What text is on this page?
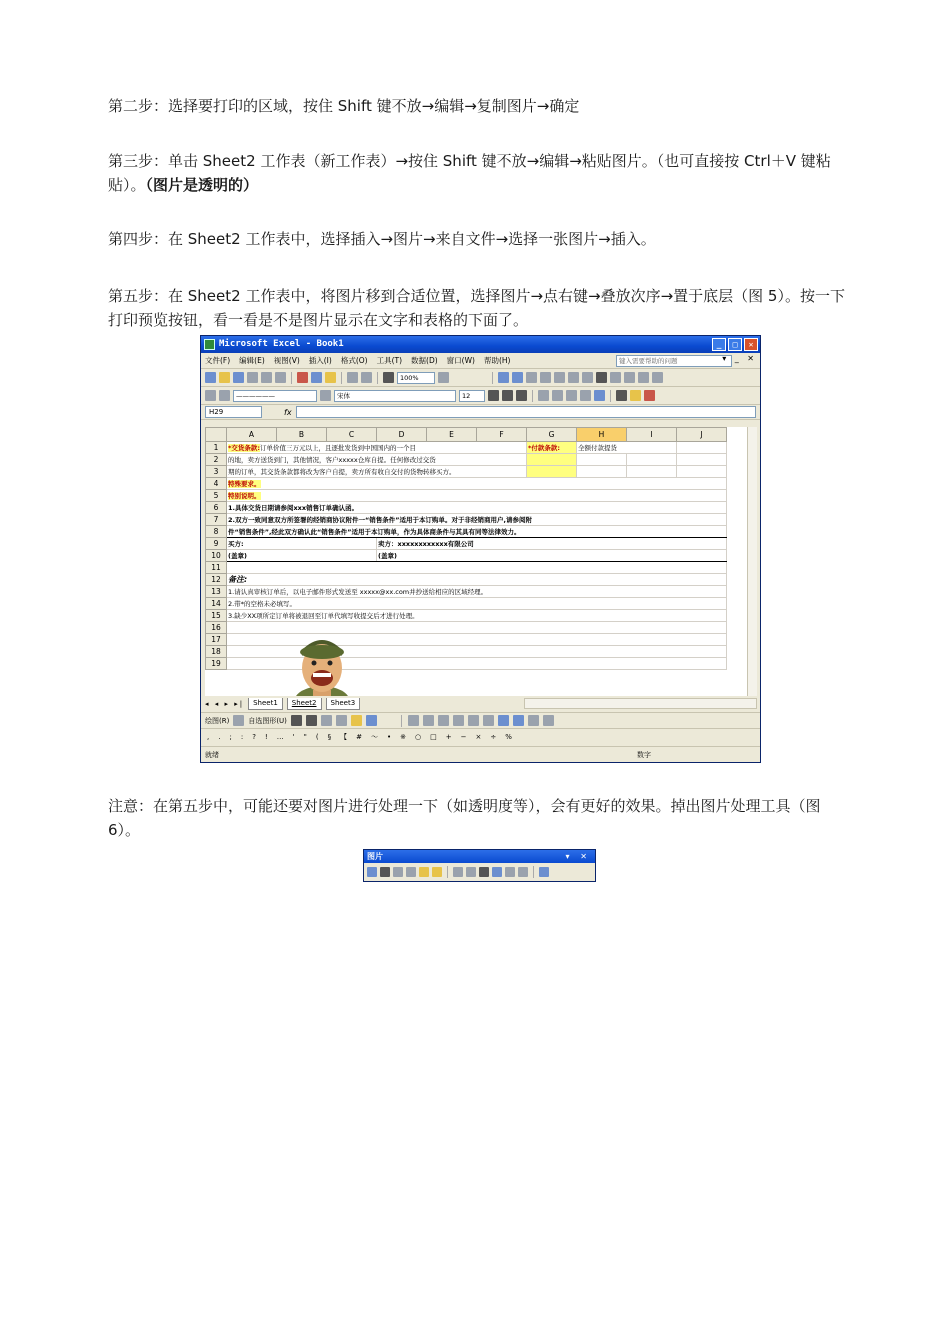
第二步：选择要打印的区域，按住 Shift 键不放→编辑→复制图片→确定
第三步：单击 Sheet2 工作表（新工作表）→按住 Shift 键不放→编辑→粘贴图片。（也可直接按 Ctrl＋V 键粘贴）。（图片是透明的）
第四步：在 Sheet2 工作表中，选择插入→图片→来自文件→选择一张图片→插入。
第五步：在 Sheet2 工作表中，将图片移到合适位置，选择图片→点右键→叠放次序→置于底层（图 5）。按一下打印预览按钮，看一看是不是图片显示在文字和表格的下面了。
Microsoft Excel - Book1	_	□	✕
文件(F) 编辑(E) 视图(V) 插入(I) 格式(O) 工具(T) 数据(D) 窗口(W) 帮助(H)	键入需要帮助的问题	▾ _ ✕
100%
——————	宋体	12
H29	fx
	A	B	C	D	E	F	G	H	I	J
1	*交货条款:订单价值三万元以上，且逐批发货到中国国内的一个目						*付款条款:	全额付款提货		
2	的地，卖方送货到门，其他情况，客户xxxxx仓库自提。任何修改过交货									
3	期的订单，其交货条款都将改为客户自提，卖方所有收自交付的货物转移买方。									
4	特殊要求。									
5	特别说明。									
6	1.具体交货日期请参阅xxx销售订单确认函。									
7	2.双方一致同意双方所签署的经销商协议附件一“销售条件”适用于本订购单。对于非经销商用户,请参阅附									
8	件“销售条件”,经此双方确认此“销售条件”适用于本订购单，作为具体商条件与其具有同等法律效力。									
9	买方:			卖方：xxxxxxxxxxxx有限公司						
10	(盖章)			(盖章)						
11										
12	备注:									
13	1.请认真审核订单后，以电子邮件形式发送至 xxxxx@xx.com并抄送给相应的区域经理。									
14	2.带*的空格未必填写。									
15	3.缺少XX项所定订单将被退回至订单代填写收提交后才进行处理。									
16										
17										
18										
19										
◂ ◂ ▸ ▸|	Sheet1	Sheet2	Sheet3
绘图(R)	自选图形(U)
, . ; : ? ! … ' " ( § 【 # ～ • ※ ○ □ + − × ÷ %
就绪	数字
注意：在第五步中，可能还要对图片进行处理一下（如透明度等），会有更好的效果。掉出图片处理工具（图 6）。
图片	▾ ✕
